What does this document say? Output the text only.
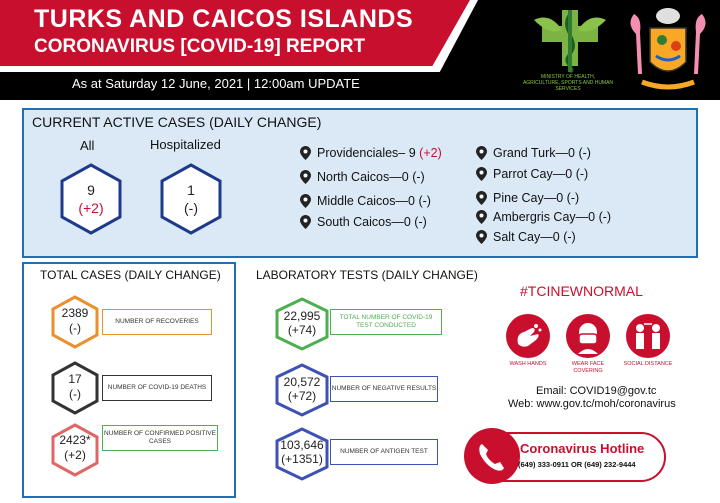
TURKS AND CAICOS ISLANDS
CORONAVIRUS [COVID-19] REPORT
As at Saturday 12 June, 2021 | 12:00am UPDATE	MINISTRY OF HEALTH, AGRICULTURE, SPORTS AND HUMAN SERVICES
CURRENT ACTIVE CASES (DAILY CHANGE)
All	Hospitalized
9
(+2)
1
(-)
Providenciales– 9
(+2)
North Caicos—0
(-)
Middle Caicos—0
(-)
South Caicos—0
(-)
Grand Turk—0
(-)
Parrot Cay—0
(-)
Pine Cay—0
(-)
Ambergris Cay—0
(-)
Salt Cay—0
(-)
TOTAL CASES (DAILY CHANGE)
2389
(-)	NUMBER OF RECOVERIES
17
(-)	NUMBER OF COVID-19 DEATHS
2423*
(+2)
NUMBER OF CONFIRMED POSITIVE CASES
LABORATORY TESTS (DAILY CHANGE)
22,995
(+74)
TOTAL NUMBER OF COVID-19 TEST CONDUCTED
20,572
(+72)
NUMBER OF NEGATIVE RESULTS
103,646
(+1351)
NUMBER OF ANTIGEN TEST
#TCINEWNORMAL
WASH HANDS	WEAR FACE COVERING
SOCIAL DISTANCE
Email: COVID19@gov.tc
Web: www.gov.tc/moh/coronavirus
Coronavirus Hotline
(649) 333-0911 OR (649) 232-9444
